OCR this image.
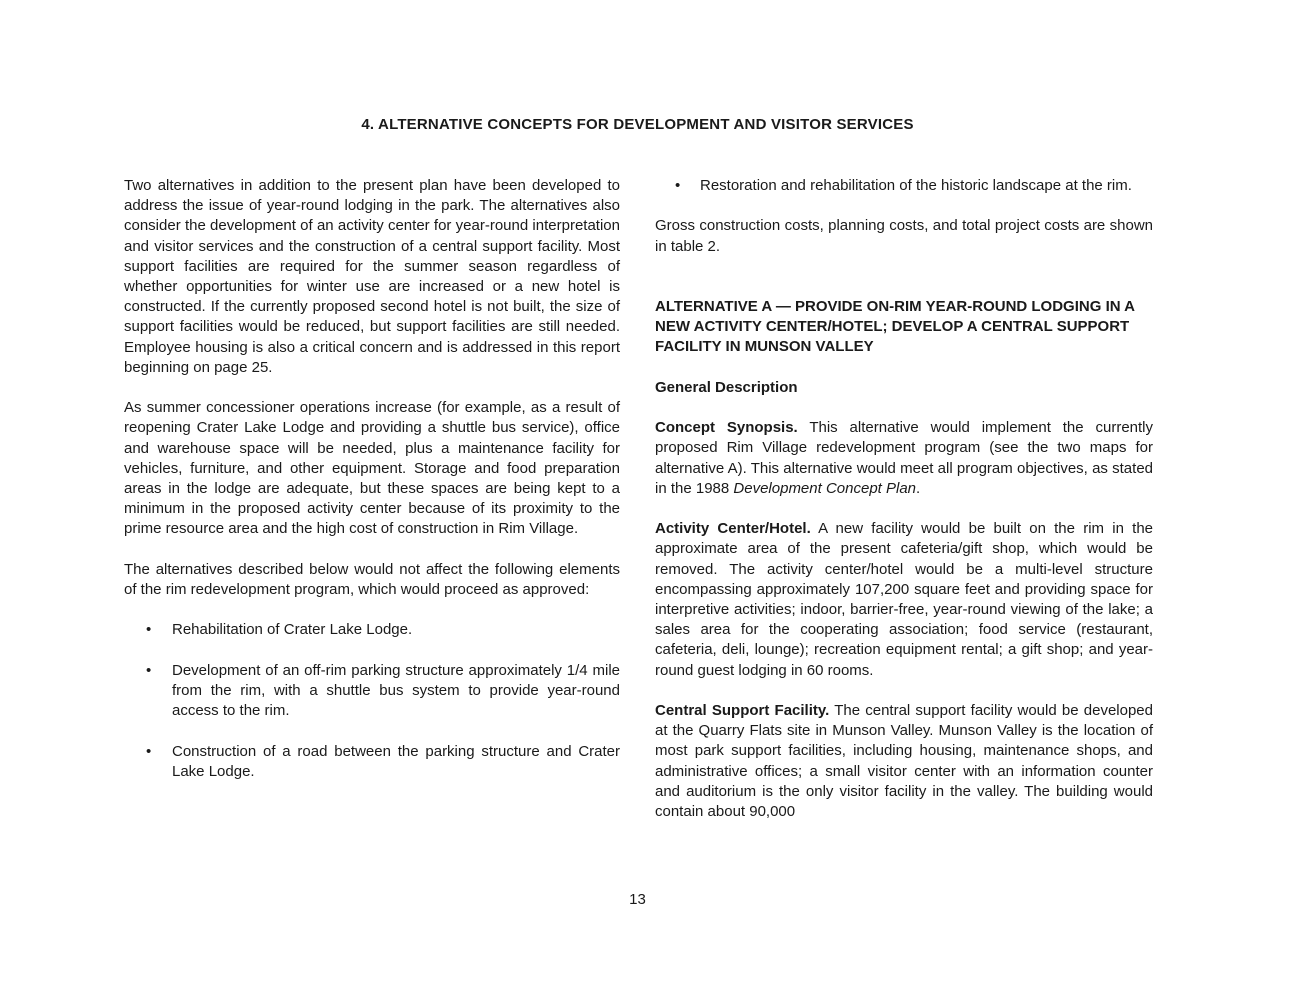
4. ALTERNATIVE CONCEPTS FOR DEVELOPMENT AND VISITOR SERVICES

Two alternatives in addition to the present plan have been developed to address the issue of year-round lodging in the park. The alternatives also consider the development of an activity center for year-round interpretation and visitor services and the construction of a central support facility. Most support facilities are required for the summer season regardless of whether opportunities for winter use are increased or a new hotel is constructed. If the currently proposed second hotel is not built, the size of support facilities would be reduced, but support facilities are still needed. Employee housing is also a critical concern and is addressed in this report beginning on page 25.

As summer concessioner operations increase (for example, as a result of reopening Crater Lake Lodge and providing a shuttle bus service), office and warehouse space will be needed, plus a maintenance facility for vehicles, furniture, and other equipment. Storage and food preparation areas in the lodge are adequate, but these spaces are being kept to a minimum in the proposed activity center because of its proximity to the prime resource area and the high cost of construction in Rim Village.

The alternatives described below would not affect the following elements of the rim redevelopment program, which would proceed as approved:

• Rehabilitation of Crater Lake Lodge.
• Development of an off-rim parking structure approximately 1/4 mile from the rim, with a shuttle bus system to provide year-round access to the rim.
• Construction of a road between the parking structure and Crater Lake Lodge.
• Restoration and rehabilitation of the historic landscape at the rim.

Gross construction costs, planning costs, and total project costs are shown in table 2.

ALTERNATIVE A — PROVIDE ON-RIM YEAR-ROUND LODGING IN A NEW ACTIVITY CENTER/HOTEL; DEVELOP A CENTRAL SUPPORT FACILITY IN MUNSON VALLEY

General Description

Concept Synopsis. This alternative would implement the currently proposed Rim Village redevelopment program (see the two maps for alternative A). This alternative would meet all program objectives, as stated in the 1988 Development Concept Plan.

Activity Center/Hotel. A new facility would be built on the rim in the approximate area of the present cafeteria/gift shop, which would be removed. The activity center/hotel would be a multi-level structure encompassing approximately 107,200 square feet and providing space for interpretive activities; indoor, barrier-free, year-round viewing of the lake; a sales area for the cooperating association; food service (restaurant, cafeteria, deli, lounge); recreation equipment rental; a gift shop; and year-round guest lodging in 60 rooms.

Central Support Facility. The central support facility would be developed at the Quarry Flats site in Munson Valley. Munson Valley is the location of most park support facilities, including housing, maintenance shops, and administrative offices; a small visitor center with an information counter and auditorium is the only visitor facility in the valley. The building would contain about 90,000

13
